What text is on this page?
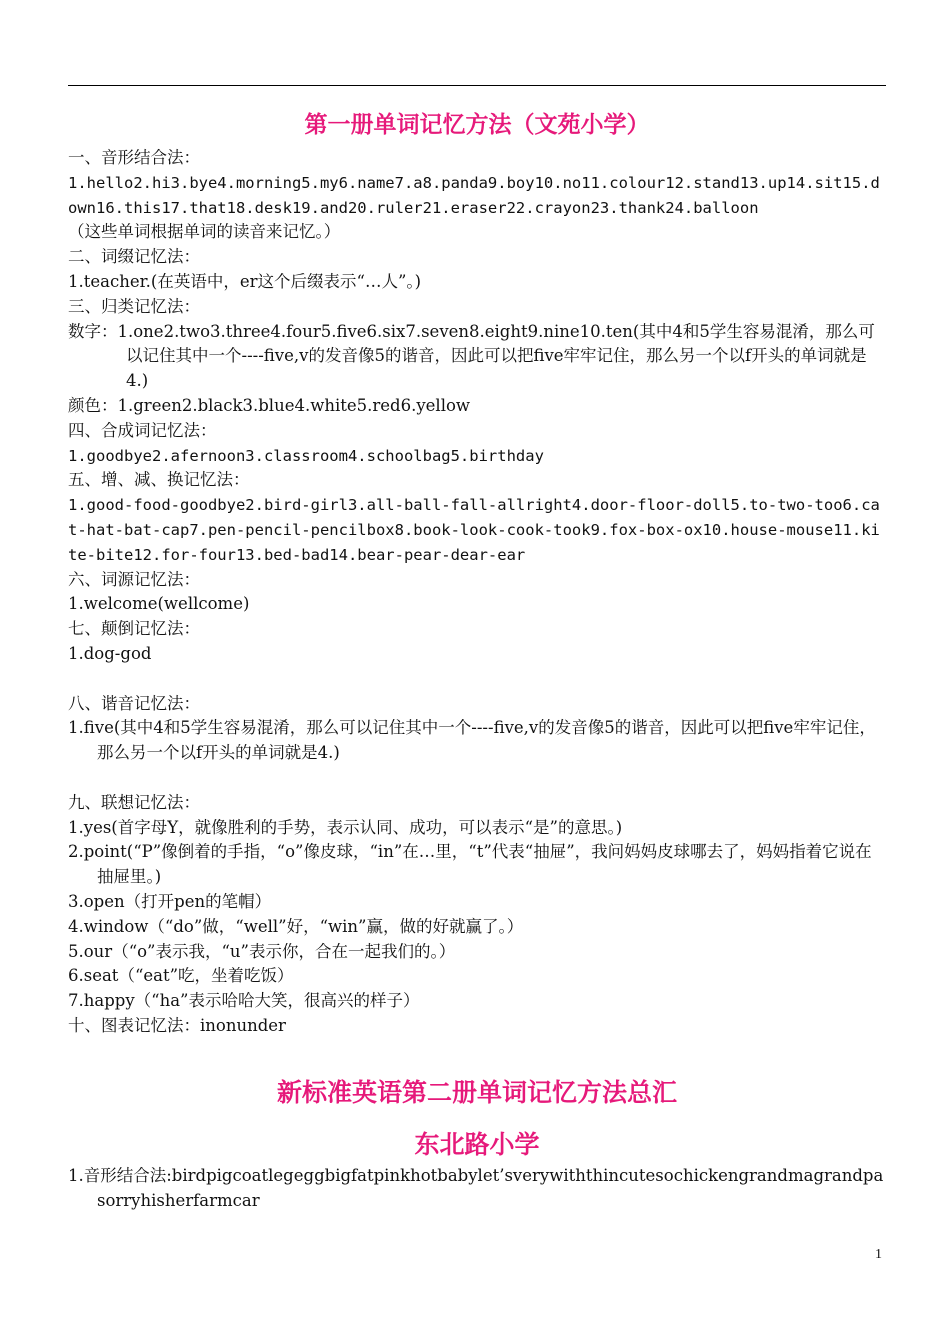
第一册单词记忆方法（文苑小学）
一、音形结合法：
1.hello2.hi3.bye4.morning5.my6.name7.a8.panda9.boy10.no11.colour12.stand13.up14.sit15.down16.this17.that18.desk19.and20.ruler21.eraser22.crayon23.thank24.balloon
（这些单词根据单词的读音来记忆。）
二、词缀记忆法：
1.teacher.(在英语中，er这个后缀表示“…人”。)
三、归类记忆法：
数字：1.one2.two3.three4.four5.five6.six7.seven8.eight9.nine10.ten(其中4和5学生容易混淆，那么可以记住其中一个----five,v的发音像5的谐音，因此可以把five牢牢记住，那么另一个以f开头的单词就是4.)
颜色：1.green2.black3.blue4.white5.red6.yellow
四、合成词记忆法：
1.goodbye2.afernoon3.classroom4.schoolbag5.birthday
五、增、减、换记忆法：
1.good-food-goodbye2.bird-girl3.all-ball-fall-allright4.door-floor-doll5.to-two-too6.cat-hat-bat-cap7.pen-pencil-pencilbox8.book-look-cook-took9.fox-box-ox10.house-mouse11.kite-bite12.for-four13.bed-bad14.bear-pear-dear-ear
六、词源记忆法：
1.welcome(wellcome)
七、颠倒记忆法：
1.dog-god
八、谐音记忆法：
1.five(其中4和5学生容易混淆，那么可以记住其中一个----five,v的发音像5的谐音，因此可以把five牢牢记住，那么另一个以f开头的单词就是4.)
九、联想记忆法：
1.yes(首字母Y，就像胜利的手势，表示认同、成功，可以表示“是”的意思。)
2.point(“P”像倒着的手指，“o”像皮球，“in”在…里，“t”代表“抽屉”，我问妈妈皮球哪去了，妈妈指着它说在抽屉里。)
3.open（打开pen的笔帽）
4.window（“do”做，“well”好，“win”赢，做的好就赢了。）
5.our（“o”表示我，“u”表示你，合在一起我们的。）
6.seat（“eat”吃，坐着吃饭）
7.happy（“ha”表示哈哈大笑，很高兴的样子）
十、图表记忆法：inonunder
新标准英语第二册单词记忆方法总汇
东北路小学
1.音形结合法:birdpigcoatlegeggbigfatpinkhotbabylet’sverywiththincutesochickengrandmagrandpasorryhisherfarmcar
1
